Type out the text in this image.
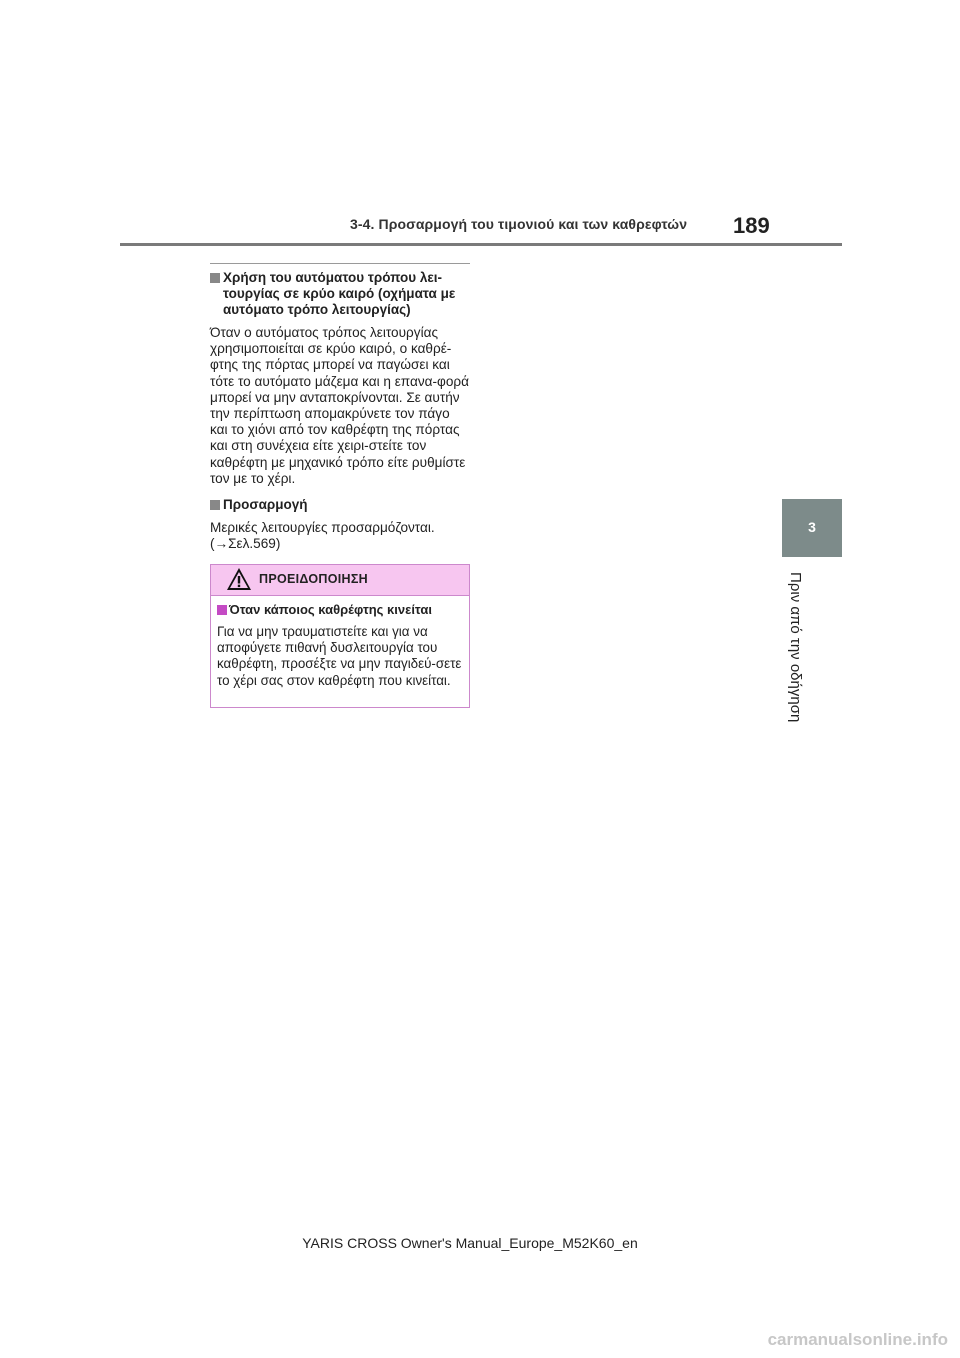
3-4. Προσαρμογή του τιμονιού και των καθρεφτών 189
3
Πριν από την οδήγηση
Χρήση του αυτόματου τρόπου λει-τουργίας σε κρύο καιρό (οχήματα με αυτόματο τρόπο λειτουργίας)

Όταν ο αυτόματος τρόπος λειτουργίας χρησιμοποιείται σε κρύο καιρό, ο καθρέ-φτης της πόρτας μπορεί να παγώσει και τότε το αυτόματο μάζεμα και η επανα-φορά μπορεί να μην ανταποκρίνονται. Σε αυτήν την περίπτωση απομακρύνετε τον πάγο και το χιόνι από τον καθρέφτη της πόρτας και στη συνέχεια είτε χειρι-στείτε τον καθρέφτη με μηχανικό τρόπο είτε ρυθμίστε τον με το χέρι.

Προσαρμογή

Μερικές λειτουργίες προσαρμόζονται. (→Σελ.569)

ΠΡΟΕΙΔΟΠΟΙΗΣΗ
Όταν κάποιος καθρέφτης κινείται

Για να μην τραυματιστείτε και για να αποφύγετε πιθανή δυσλειτουργία του καθρέφτη, προσέξτε να μην παγιδεύ-σετε το χέρι σας στον καθρέφτη που κινείται.

YARIS CROSS Owner's Manual_Europe_M52K60_en
carmanualsonline.info
